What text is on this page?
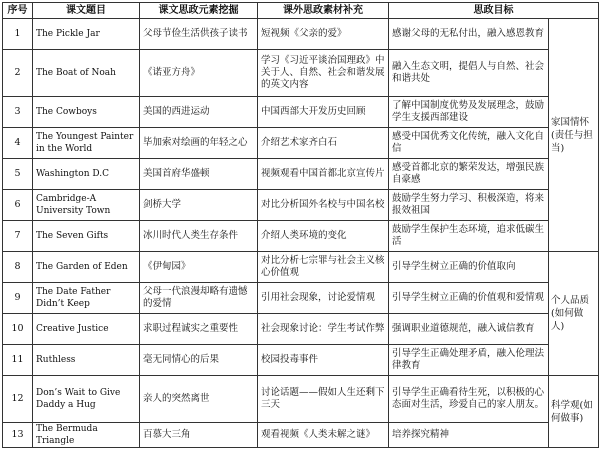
序号	课文题目	课文思政元素挖掘	课外思政素材补充	思政目标	
1	The Pickle Jar	父母节俭生活供孩子读书	短视频《父亲的爱》	感谢父母的无私付出，融入感恩教育	家国情怀(责任与担当)
2	The Boat of Noah	《诺亚方舟》	学习《习近平谈治国理政》中关于人、自然、社会和谐发展的英文内容	融入生态文明，提倡人与自然、社会和谐共处	
3	The Cowboys	美国的西进运动	中国西部大开发历史回顾	了解中国制度优势及发展理念，鼓励学生支援西部建设	
4	The Youngest Painter in the World	毕加索对绘画的年轻之心	介绍艺术家齐白石	感受中国优秀文化传统，融入文化自信	
5	Washington D.C	美国首府华盛顿	视频观看中国首都北京宣传片	感受首都北京的繁荣发达，增强民族自豪感	
6	Cambridge-A University Town	剑桥大学	对比分析国外名校与中国名校	鼓励学生努力学习、积极深造，将来报效祖国	
7	The Seven Gifts	冰川时代人类生存条件	介绍人类环境的变化	鼓励学生保护生态环境，追求低碳生活	
8	The Garden of Eden	《伊甸园》	对比分析七宗罪与社会主义核心价值观	引导学生树立正确的价值取向	个人品质(如何做人)
9	The Date Father Didn’t Keep	父母一代浪漫却略有遗憾的爱情	引用社会现象，讨论爱情观	引导学生树立正确的价值观和爱情观	
10	Creative Justice	求职过程诚实之重要性	社会现象讨论：学生考试作弊	强调职业道德规范，融入诚信教育	
11	Ruthless	毫无同情心的后果	校园投毒事件	引导学生正确处理矛盾，融入伦理法律教育	
12	Don’s Wait to Give Daddy a Hug	亲人的突然离世	讨论话题——假如人生还剩下三天	引导学生正确看待生死，以积极的心态面对生活，珍爱自己的家人朋友。	科学观(如何做事)
13	The Bermuda Triangle	百慕大三角	观看视频《人类未解之谜》	培养探究精神	
